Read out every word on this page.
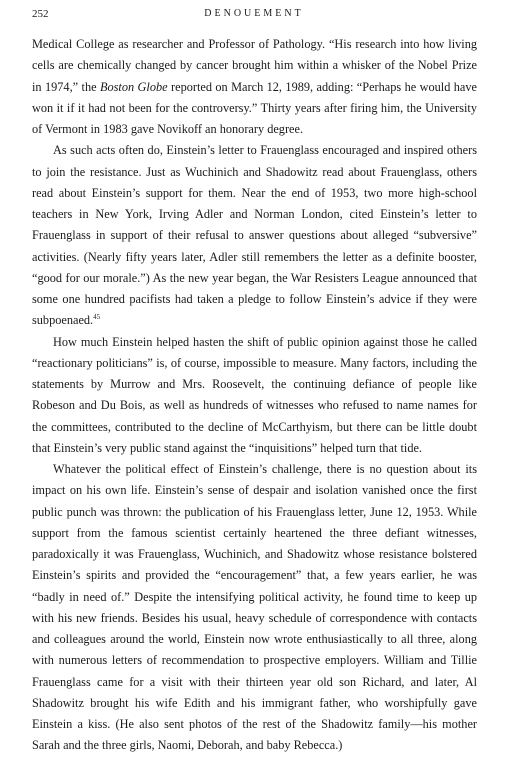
252	DENOUEMENT

Medical College as researcher and Professor of Pathology. “His research into how living cells are chemically changed by cancer brought him within a whisker of the Nobel Prize in 1974,” the Boston Globe reported on March 12, 1989, adding: “Perhaps he would have won it if it had not been for the controversy.” Thirty years after firing him, the University of Vermont in 1983 gave Novikoff an honorary degree.

As such acts often do, Einstein’s letter to Frauenglass encouraged and inspired others to join the resistance. Just as Wuchinich and Shadowitz read about Frauenglass, others read about Einstein’s support for them. Near the end of 1953, two more high-school teachers in New York, Irving Adler and Norman London, cited Einstein’s letter to Frauenglass in support of their refusal to answer questions about alleged “subversive” activities. (Nearly fifty years later, Adler still remembers the letter as a definite booster, “good for our morale.”) As the new year began, the War Resisters League announced that some one hundred pacifists had taken a pledge to follow Einstein’s advice if they were subpoenaed.$^{45}$

How much Einstein helped hasten the shift of public opinion against those he called “reactionary politicians” is, of course, impossible to measure. Many factors, including the statements by Murrow and Mrs. Roosevelt, the continuing defiance of people like Robeson and Du Bois, as well as hundreds of witnesses who refused to name names for the committees, contributed to the decline of McCarthyism, but there can be little doubt that Einstein’s very public stand against the “inquisitions” helped turn that tide.

Whatever the political effect of Einstein’s challenge, there is no question about its impact on his own life. Einstein’s sense of despair and isolation vanished once the first public punch was thrown: the publication of his Frauenglass letter, June 12, 1953. While support from the famous scientist certainly heartened the three defiant witnesses, paradoxically it was Frauenglass, Wuchinich, and Shadowitz whose resistance bolstered Einstein’s spirits and provided the “encouragement” that, a few years earlier, he was “badly in need of.” Despite the intensifying political activity, he found time to keep up with his new friends. Besides his usual, heavy schedule of correspondence with contacts and colleagues around the world, Einstein now wrote enthusiastically to all three, along with numerous letters of recommendation to prospective employers. William and Tillie Frauenglass came for a visit with their thirteen year old son Richard, and later, Al Shadowitz brought his wife Edith and his immigrant father, who worshipfully gave Einstein a kiss. (He also sent photos of the rest of the Shadowitz family—his mother Sarah and the three girls, Naomi, Deborah, and baby Rebecca.)
